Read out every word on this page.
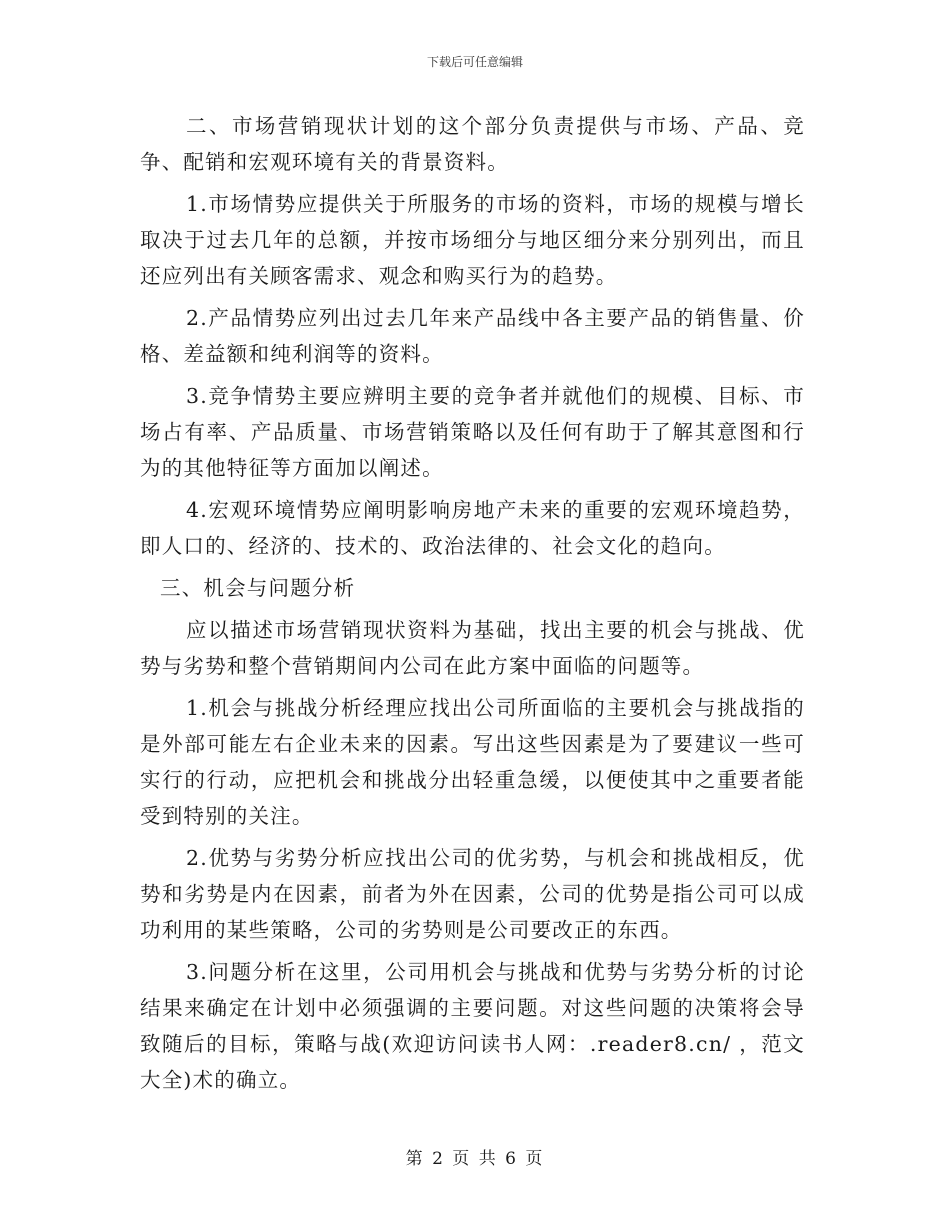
下载后可任意编辑

二、市场营销现状计划的这个部分负责提供与市场、产品、竞争、配销和宏观环境有关的背景资料。

1.市场情势应提供关于所服务的市场的资料，市场的规模与增长取决于过去几年的总额，并按市场细分与地区细分来分别列出，而且还应列出有关顾客需求、观念和购买行为的趋势。

2.产品情势应列出过去几年来产品线中各主要产品的销售量、价格、差益额和纯利润等的资料。

3.竞争情势主要应辨明主要的竞争者并就他们的规模、目标、市场占有率、产品质量、市场营销策略以及任何有助于了解其意图和行为的其他特征等方面加以阐述。

4.宏观环境情势应阐明影响房地产未来的重要的宏观环境趋势，即人口的、经济的、技术的、政治法律的、社会文化的趋向。

三、机会与问题分析

应以描述市场营销现状资料为基础，找出主要的机会与挑战、优势与劣势和整个营销期间内公司在此方案中面临的问题等。

1.机会与挑战分析经理应找出公司所面临的主要机会与挑战指的是外部可能左右企业未来的因素。写出这些因素是为了要建议一些可实行的行动，应把机会和挑战分出轻重急缓，以便使其中之重要者能受到特别的关注。

2.优势与劣势分析应找出公司的优劣势，与机会和挑战相反，优势和劣势是内在因素，前者为外在因素，公司的优势是指公司可以成功利用的某些策略，公司的劣势则是公司要改正的东西。

3.问题分析在这里，公司用机会与挑战和优势与劣势分析的讨论结果来确定在计划中必须强调的主要问题。对这些问题的决策将会导致随后的目标，策略与战(欢迎访问读书人网：.reader8.cn/ ，范文大全)术的确立。

第 2 页 共 6 页
